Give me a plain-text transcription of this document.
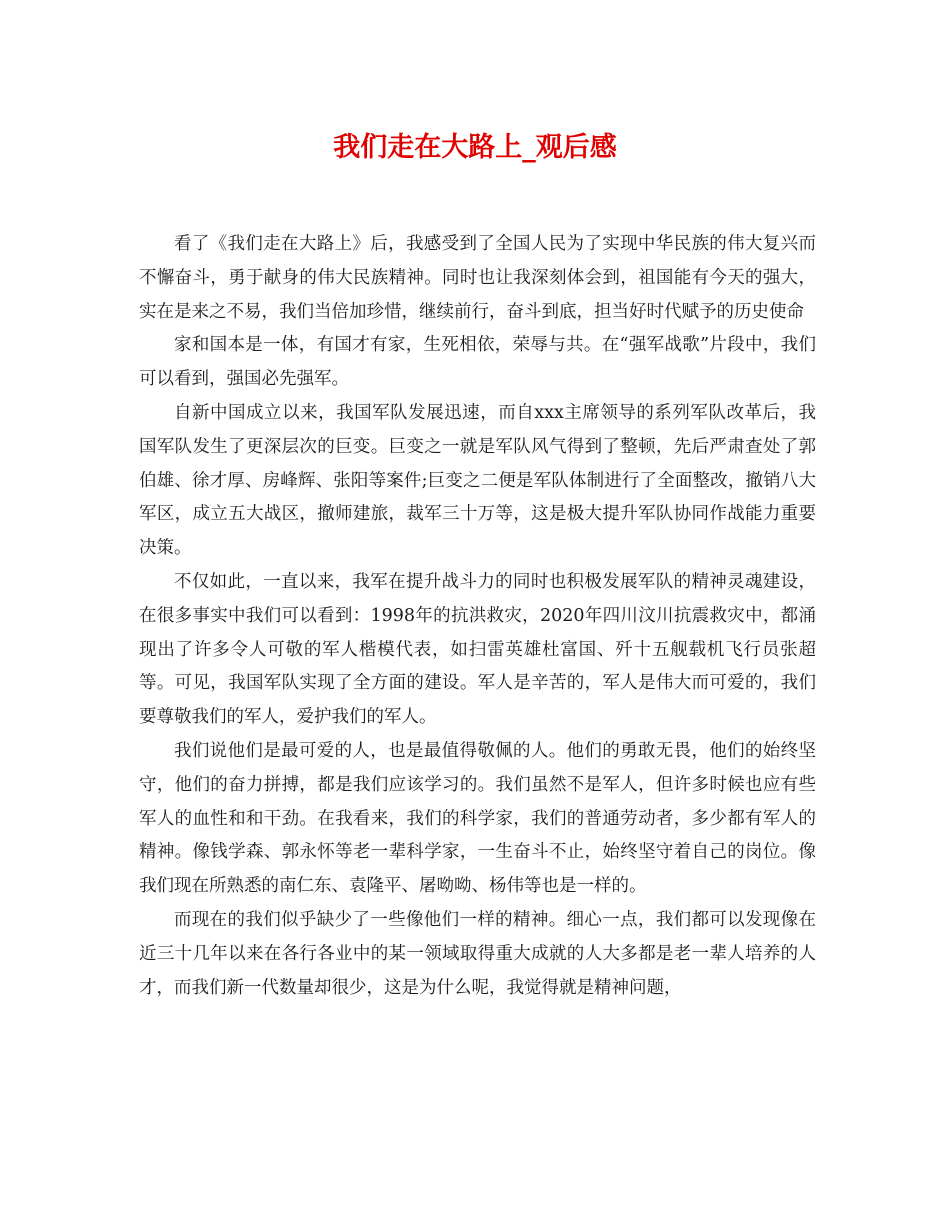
我们走在大路上_观后感

看了《我们走在大路上》后，我感受到了全国人民为了实现中华民族的伟大复兴而不懈奋斗，勇于献身的伟大民族精神。同时也让我深刻体会到，祖国能有今天的强大，实在是来之不易，我们当倍加珍惜，继续前行，奋斗到底，担当好时代赋予的历史使命

家和国本是一体，有国才有家，生死相依，荣辱与共。在“强军战歌”片段中，我们可以看到，强国必先强军。

自新中国成立以来，我国军队发展迅速，而自xxx主席领导的系列军队改革后，我国军队发生了更深层次的巨变。巨变之一就是军队风气得到了整顿，先后严肃查处了郭伯雄、徐才厚、房峰辉、张阳等案件;巨变之二便是军队体制进行了全面整改，撤销八大军区，成立五大战区，撤师建旅，裁军三十万等，这是极大提升军队协同作战能力重要决策。

不仅如此，一直以来，我军在提升战斗力的同时也积极发展军队的精神灵魂建设，在很多事实中我们可以看到：1998年的抗洪救灾，2020年四川汶川抗震救灾中，都涌现出了许多令人可敬的军人楷模代表，如扫雷英雄杜富国、歼十五舰载机飞行员张超等。可见，我国军队实现了全方面的建设。军人是辛苦的，军人是伟大而可爱的，我们要尊敬我们的军人，爱护我们的军人。

我们说他们是最可爱的人，也是最值得敬佩的人。他们的勇敢无畏，他们的始终坚守，他们的奋力拼搏，都是我们应该学习的。我们虽然不是军人，但许多时候也应有些军人的血性和和干劲。在我看来，我们的科学家，我们的普通劳动者，多少都有军人的精神。像钱学森、郭永怀等老一辈科学家，一生奋斗不止，始终坚守着自己的岗位。像我们现在所熟悉的南仁东、袁隆平、屠呦呦、杨伟等也是一样的。

而现在的我们似乎缺少了一些像他们一样的精神。细心一点，我们都可以发现像在近三十几年以来在各行各业中的某一领域取得重大成就的人大多都是老一辈人培养的人才，而我们新一代数量却很少，这是为什么呢，我觉得就是精神问题，
